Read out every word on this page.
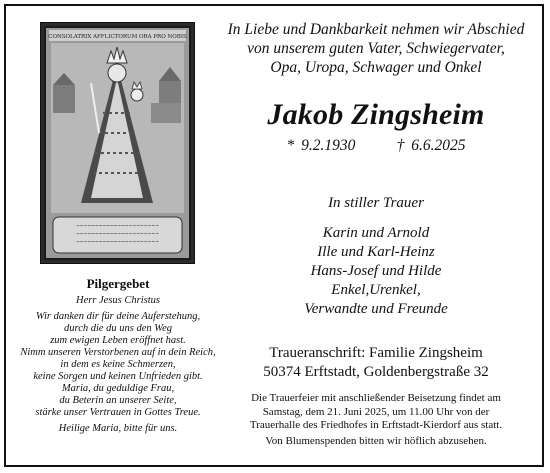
CONSOLATRIX AFFLICTORUM ORA PRO NOBIS
~~~~~~~~~~~~~~~~~~~~~~
~~~~~~~~~~~~~~~~~~~~~~
~~~~~~~~~~~~~~~~~~~~~~

In Liebe und Dankbarkeit nehmen wir Abschied

von unserem guten Vater, Schwiegervater,

Opa, Uropa, Schwager und Onkel

Jakob Zingsheim
* 9.2.1930      † 6.6.2025
In stiller Trauer

Karin und Arnold

Ille und Karl-Heinz

Hans-Josef und Hilde

Enkel,Urenkel,

Verwandte und Freunde

Pilgergebet

Herr Jesus Christus

Wir danken dir für deine Auferstehung,

durch die du uns den Weg

zum ewigen Leben eröffnet hast.

Nimm unseren Verstorbenen auf in dein Reich,

in dem es keine Schmerzen,

keine Sorgen und keinen Unfrieden gibt.

Maria, du geduldige Frau,

du Beterin an unserer Seite,

stärke unser Vertrauen in Gottes Treue.

Heilige Maria, bitte für uns.

Traueranschrift: Familie Zingsheim

50374 Erftstadt, Goldenbergstraße 32

Die Trauerfeier mit anschließender Beisetzung findet am

Samstag, dem 21. Juni 2025, um 11.00 Uhr von der

Trauerhalle des Friedhofes in Erftstadt-Kierdorf aus statt.

Von Blumenspenden bitten wir höflich abzusehen.
